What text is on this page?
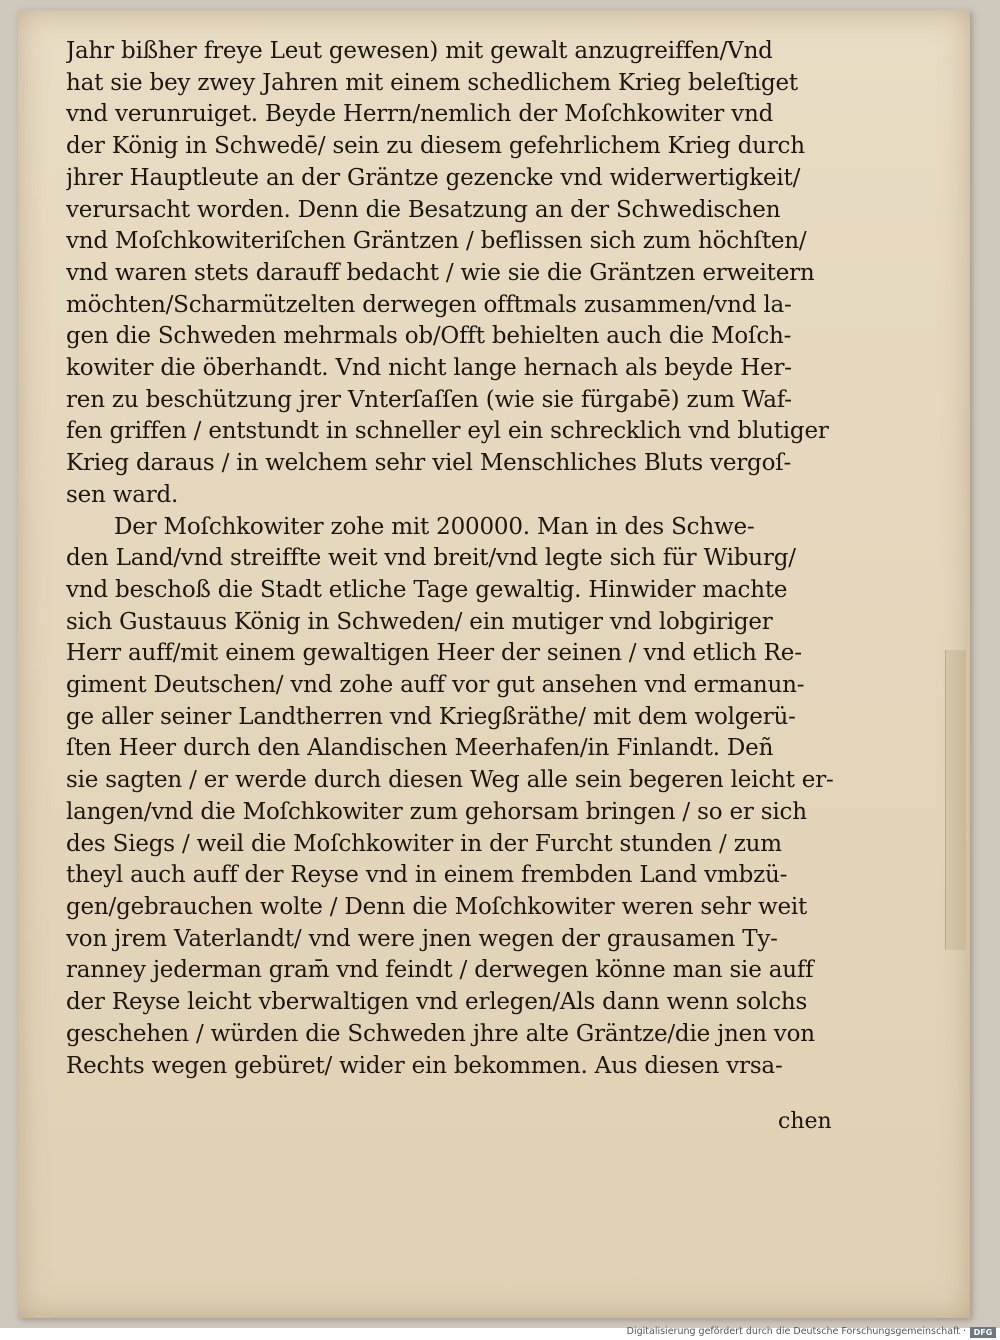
Jahr bißher freye Leut gewesen) mit gewalt anzugreiffen/Vnd
hat sie bey zwey Jahren mit einem schedlichem Krieg beleſtiget
vnd verunruiget. Beyde Herrn/nemlich der Moſchkowiter vnd
der König in Schwedē/ sein zu diesem gefehrlichem Krieg durch
jhrer Hauptleute an der Gräntze gezencke vnd widerwertigkeit/
verursacht worden. Denn die Besatzung an der Schwedischen
vnd Moſchkowiteriſchen Gräntzen / beflissen sich zum höchſten/
vnd waren stets darauff bedacht / wie sie die Gräntzen erweitern
möchten/Scharmützelten derwegen offtmals zusammen/vnd la-
gen die Schweden mehrmals ob/Offt behielten auch die Moſch-
kowiter die öberhandt. Vnd nicht lange hernach als beyde Her-
ren zu beschützung jrer Vnterſaſſen (wie sie fürgabē) zum Waf-
fen griffen / entstundt in schneller eyl ein schrecklich vnd blutiger
Krieg daraus / in welchem sehr viel Menschliches Bluts vergoſ-
sen ward.
Der Moſchkowiter zohe mit 200000. Man in des Schwe-
den Land/vnd streiffte weit vnd breit/vnd legte sich für Wiburg/
vnd beschoß die Stadt etliche Tage gewaltig. Hinwider machte
sich Gustauus König in Schweden/ ein mutiger vnd lobgiriger
Herr auff/mit einem gewaltigen Heer der seinen / vnd etlich Re-
giment Deutschen/ vnd zohe auff vor gut ansehen vnd ermanun-
ge aller seiner Landtherren vnd Kriegßräthe/ mit dem wolgerü-
ſten Heer durch den Alandischen Meerhafen/in Finlandt. Deñ
sie sagten / er werde durch diesen Weg alle sein begeren leicht er-
langen/vnd die Moſchkowiter zum gehorsam bringen / so er sich
des Siegs / weil die Moſchkowiter in der Furcht stunden / zum
theyl auch auff der Reyse vnd in einem frembden Land vmbzü-
gen/gebrauchen wolte / Denn die Moſchkowiter weren sehr weit
von jrem Vaterlandt/ vnd were jnen wegen der grausamen Ty-
ranney jederman gram̄ vnd feindt / derwegen könne man sie auff
der Reyse leicht vberwaltigen vnd erlegen/Als dann wenn solchs
geschehen / würden die Schweden jhre alte Gräntze/die jnen von
Rechts wegen gebüret/ wider ein bekommen. Aus diesen vrsa-
chen
Digitalisierung gefördert durch die Deutsche Forschungsgemeinschaft · DFG
